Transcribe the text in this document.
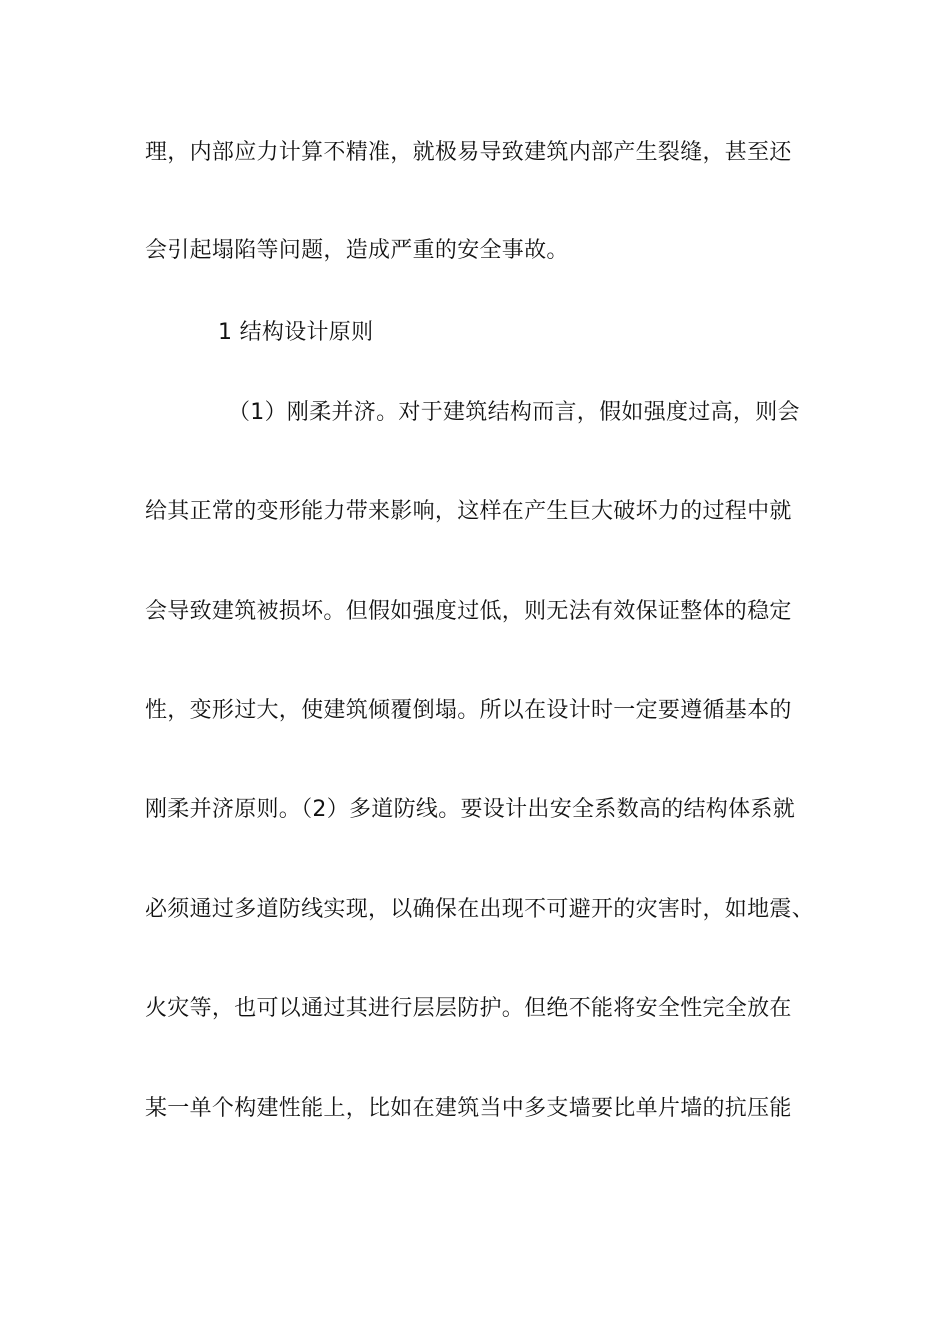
理，内部应力计算不精准，就极易导致建筑内部产生裂缝，甚至还
会引起塌陷等问题，造成严重的安全事故。
1 结构设计原则
（1）刚柔并济。对于建筑结构而言，假如强度过高，则会
给其正常的变形能力带来影响，这样在产生巨大破坏力的过程中就
会导致建筑被损坏。但假如强度过低，则无法有效保证整体的稳定
性，变形过大，使建筑倾覆倒塌。所以在设计时一定要遵循基本的
刚柔并济原则。（2）多道防线。要设计出安全系数高的结构体系就
必须通过多道防线实现，以确保在出现不可避开的灾害时，如地震、
火灾等，也可以通过其进行层层防护。但绝不能将安全性完全放在
某一单个构建性能上，比如在建筑当中多支墙要比单片墙的抗压能
